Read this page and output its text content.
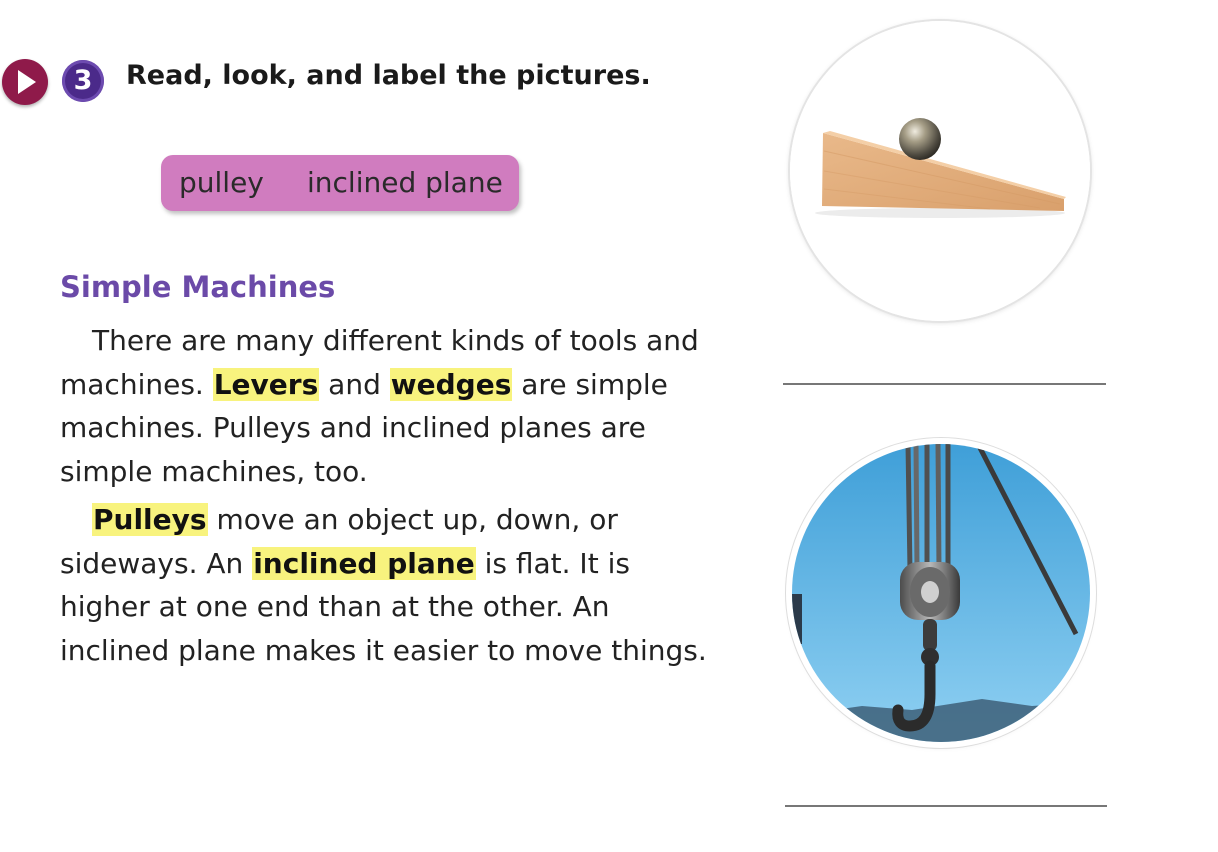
3	Read, look, and label the pictures.
pulley inclined plane
Simple Machines

There are many different kinds of tools and machines. Levers and wedges are simple machines. Pulleys and inclined planes are simple machines, too.

Pulleys move an object up, down, or sideways. An inclined plane is flat. It is higher at one end than at the other. An inclined plane makes it easier to move things.
